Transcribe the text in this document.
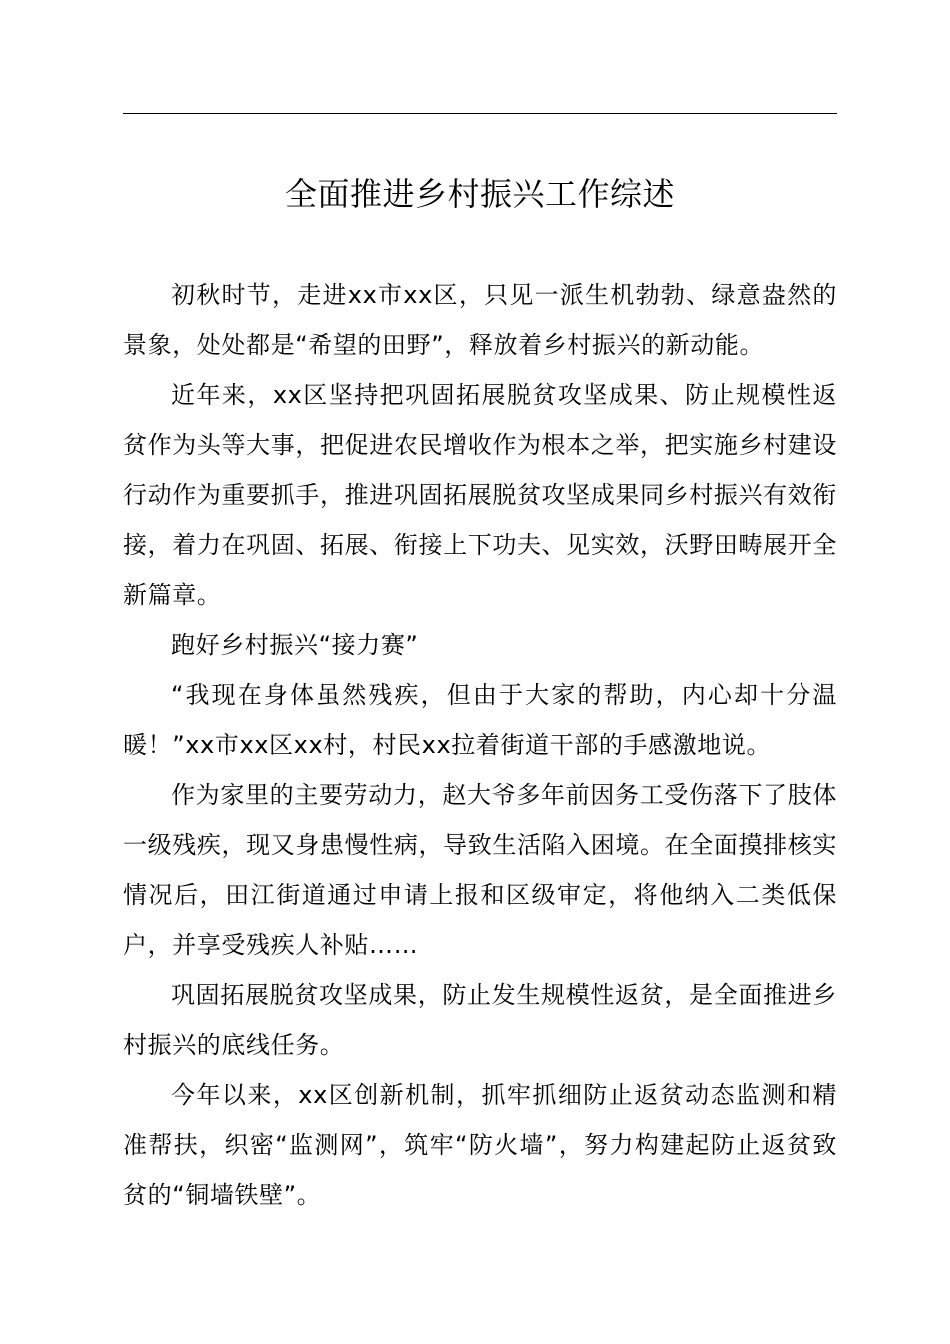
全面推进乡村振兴工作综述

初秋时节，走进xx市xx区，只见一派生机勃勃、绿意盎然的景象，处处都是“希望的田野”，释放着乡村振兴的新动能。

近年来，xx区坚持把巩固拓展脱贫攻坚成果、防止规模性返贫作为头等大事，把促进农民增收作为根本之举，把实施乡村建设行动作为重要抓手，推进巩固拓展脱贫攻坚成果同乡村振兴有效衔接，着力在巩固、拓展、衔接上下功夫、见实效，沃野田畴展开全新篇章。

跑好乡村振兴“接力赛”

“我现在身体虽然残疾，但由于大家的帮助，内心却十分温暖！”xx市xx区xx村，村民xx拉着街道干部的手感激地说。

作为家里的主要劳动力，赵大爷多年前因务工受伤落下了肢体一级残疾，现又身患慢性病，导致生活陷入困境。在全面摸排核实情况后，田江街道通过申请上报和区级审定，将他纳入二类低保户，并享受残疾人补贴……

巩固拓展脱贫攻坚成果，防止发生规模性返贫，是全面推进乡村振兴的底线任务。

今年以来，xx区创新机制，抓牢抓细防止返贫动态监测和精准帮扶，织密“监测网”，筑牢“防火墙”，努力构建起防止返贫致贫的“铜墙铁壁”。
